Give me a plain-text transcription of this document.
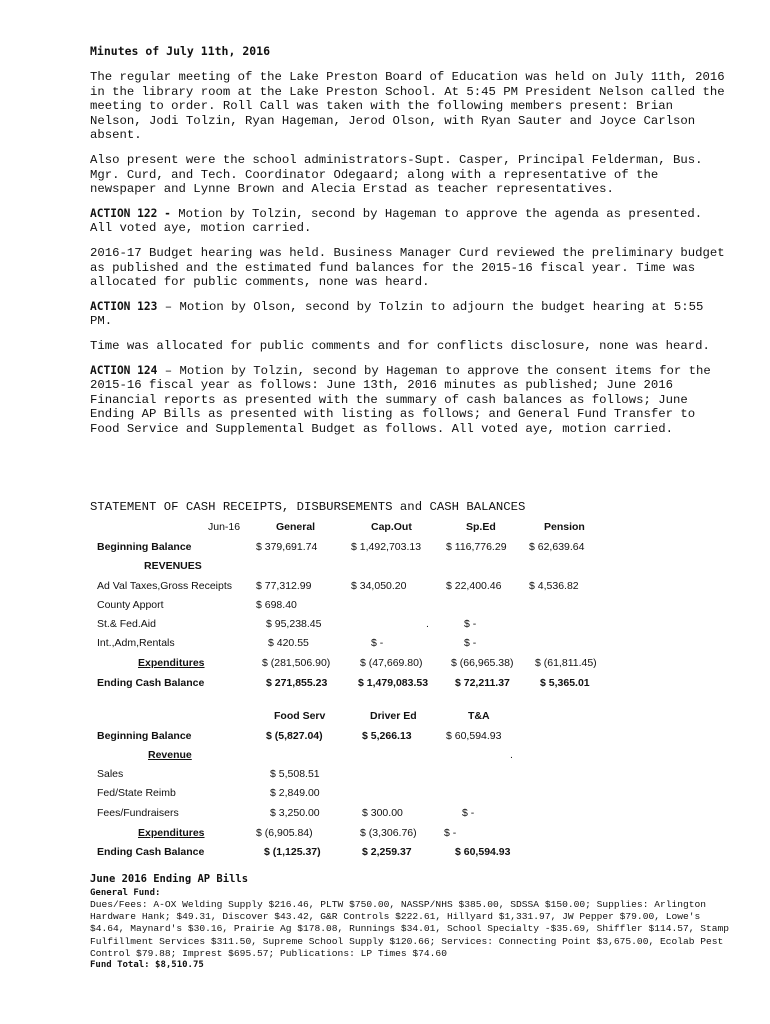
Minutes of July 11th, 2016

The regular meeting of the Lake Preston Board of Education was held on July 11th, 2016 in the library room at the Lake Preston School. At 5:45 PM President Nelson called the meeting to order. Roll Call was taken with the following members present: Brian Nelson, Jodi Tolzin, Ryan Hageman, Jerod Olson, with Ryan Sauter and Joyce Carlson absent.

Also present were the school administrators-Supt. Casper, Principal Felderman, Bus. Mgr. Curd, and Tech. Coordinator Odegaard; along with a representative of the newspaper and Lynne Brown and Alecia Erstad as teacher representatives.

ACTION 122 - Motion by Tolzin, second by Hageman to approve the agenda as presented. All voted aye, motion carried.

2016-17 Budget hearing was held. Business Manager Curd reviewed the preliminary budget as published and the estimated fund balances for the 2015-16 fiscal year. Time was allocated for public comments, none was heard.

ACTION 123 – Motion by Olson, second by Tolzin to adjourn the budget hearing at 5:55 PM.

Time was allocated for public comments and for conflicts disclosure, none was heard.

ACTION 124 – Motion by Tolzin, second by Hageman to approve the consent items for the 2015-16 fiscal year as follows: June 13th, 2016 minutes as published; June 2016 Financial reports as presented with the summary of cash balances as follows; June Ending AP Bills as presented with listing as follows; and General Fund Transfer to Food Service and Supplemental Budget as follows. All voted aye, motion carried.

STATEMENT OF CASH RECEIPTS, DISBURSEMENTS and CASH BALANCES
Jun-16	General	Cap.Out	Sp.Ed	Pension
Beginning Balance	$ 379,691.74	$ 1,492,703.13 $ 116,776.29 $ 62,639.64
REVENUES
Ad Val Taxes,Gross Receipts $ 77,312.99	$ 34,050.20	$ 22,400.46	$ 4,536.82
County Apport	$ 698.40
St.& Fed.Aid	$ 95,238.45	.	$ -
Int.,Adm,Rentals	$ 420.55	$ -	$ -
Expenditures	$ (281,506.90)	$ (47,669.80)	$ (66,965.38) $ (61,811.45)
Ending Cash Balance	$ 271,855.23	$ 1,479,083.53	$ 72,211.37	$ 5,365.01
Food Serv	Driver Ed	T&A
Beginning Balance	$ (5,827.04)	$ 5,266.13	$ 60,594.93
Revenue	.
Sales	$ 5,508.51
Fed/State Reimb	$ 2,849.00
Fees/Fundraisers	$ 3,250.00	$ 300.00	$ -
Expenditures	$ (6,905.84)	$ (3,306.76)	$ -
Ending Cash Balance	$ (1,125.37)	$ 2,259.37	$ 60,594.93

June 2016 Ending AP Bills

General Fund:

Dues/Fees: A-OX Welding Supply $216.46, PLTW $750.00, NASSP/NHS $385.00, SDSSA $150.00; Supplies: Arlington Hardware Hank; $49.31, Discover $43.42, G&R Controls $222.61, Hillyard $1,331.97, JW Pepper $79.00, Lowe's $4.64, Maynard's $30.16, Prairie Ag $178.08, Runnings $34.01, School Specialty -$35.69, Shiffler $114.57, Stamp Fulfillment Services $311.50, Supreme School Supply $120.66; Services: Connecting Point $3,675.00, Ecolab Pest Control $79.88; Imprest $695.57; Publications: LP Times $74.60

Fund Total: $8,510.75
